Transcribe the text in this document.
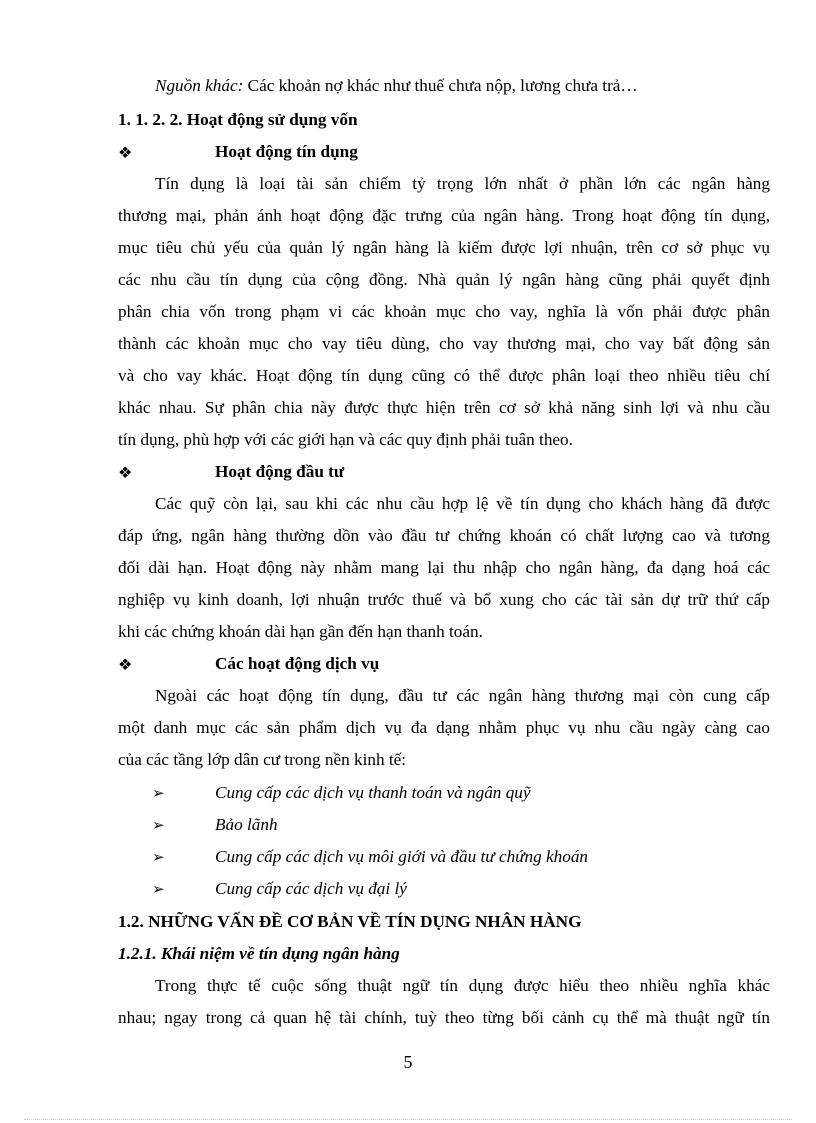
Nguồn khác: Các khoản nợ khác như thuế chưa nộp, lương chưa trả…
1. 1. 2. 2. Hoạt động sử dụng vốn
❖	Hoạt động tín dụng
Tín dụng là loại tài sản chiếm tỷ trọng lớn nhất ở phần lớn các ngân hàng
thương mại, phản ánh hoạt động đặc trưng của ngân hàng. Trong hoạt động tín dụng,
mục tiêu chủ yếu của quản lý ngân hàng là kiếm được lợi nhuận, trên cơ sở phục vụ
các nhu cầu tín dụng của cộng đồng. Nhà quản lý ngân hàng cũng phải quyết định
phân chia vốn trong phạm vi các khoản mục cho vay, nghĩa là vốn phải được phân
thành các khoản mục cho vay tiêu dùng, cho vay thương mại, cho vay bất động sản
và cho vay khác. Hoạt động tín dụng cũng có thể được phân loại theo nhiều tiêu chí
khác nhau. Sự phân chia này được thực hiện trên cơ sở khả năng sinh lợi và nhu cầu
tín dụng, phù hợp với các giới hạn và các quy định phải tuân theo.
❖	Hoạt động đầu tư
Các quỹ còn lại, sau khi các nhu cầu hợp lệ về tín dụng cho khách hàng đã được
đáp ứng, ngân hàng thường dồn vào đầu tư chứng khoán có chất lượng cao và tương
đối dài hạn. Hoạt động này nhằm mang lại thu nhập cho ngân hàng, đa dạng hoá các
nghiệp vụ kinh doanh, lợi nhuận trước thuế và bổ xung cho các tài sản dự trữ thứ cấp
khi các chứng khoán dài hạn gần đến hạn thanh toán.
❖	Các hoạt động dịch vụ
Ngoài các hoạt động tín dụng, đầu tư các ngân hàng thương mại còn cung cấp
một danh mục các sản phẩm dịch vụ đa dạng nhằm phục vụ nhu cầu ngày càng cao
của các tầng lớp dân cư trong nền kinh tế:
➢	Cung cấp các dịch vụ thanh toán và ngân quỹ
➢	Bảo lãnh
➢	Cung cấp các dịch vụ môi giới và đầu tư chứng khoán
➢	Cung cấp các dịch vụ đại lý
1.2. NHỮNG VẤN ĐỀ CƠ BẢN VỀ TÍN DỤNG NHÂN HÀNG
1.2.1. Khái niệm về tín dụng ngân hàng
Trong thực tế cuộc sống thuật ngữ tín dụng được hiểu theo nhiều nghĩa khác
nhau; ngay trong cả quan hệ tài chính, tuỳ theo từng bối cảnh cụ thể mà thuật ngữ tín
5
